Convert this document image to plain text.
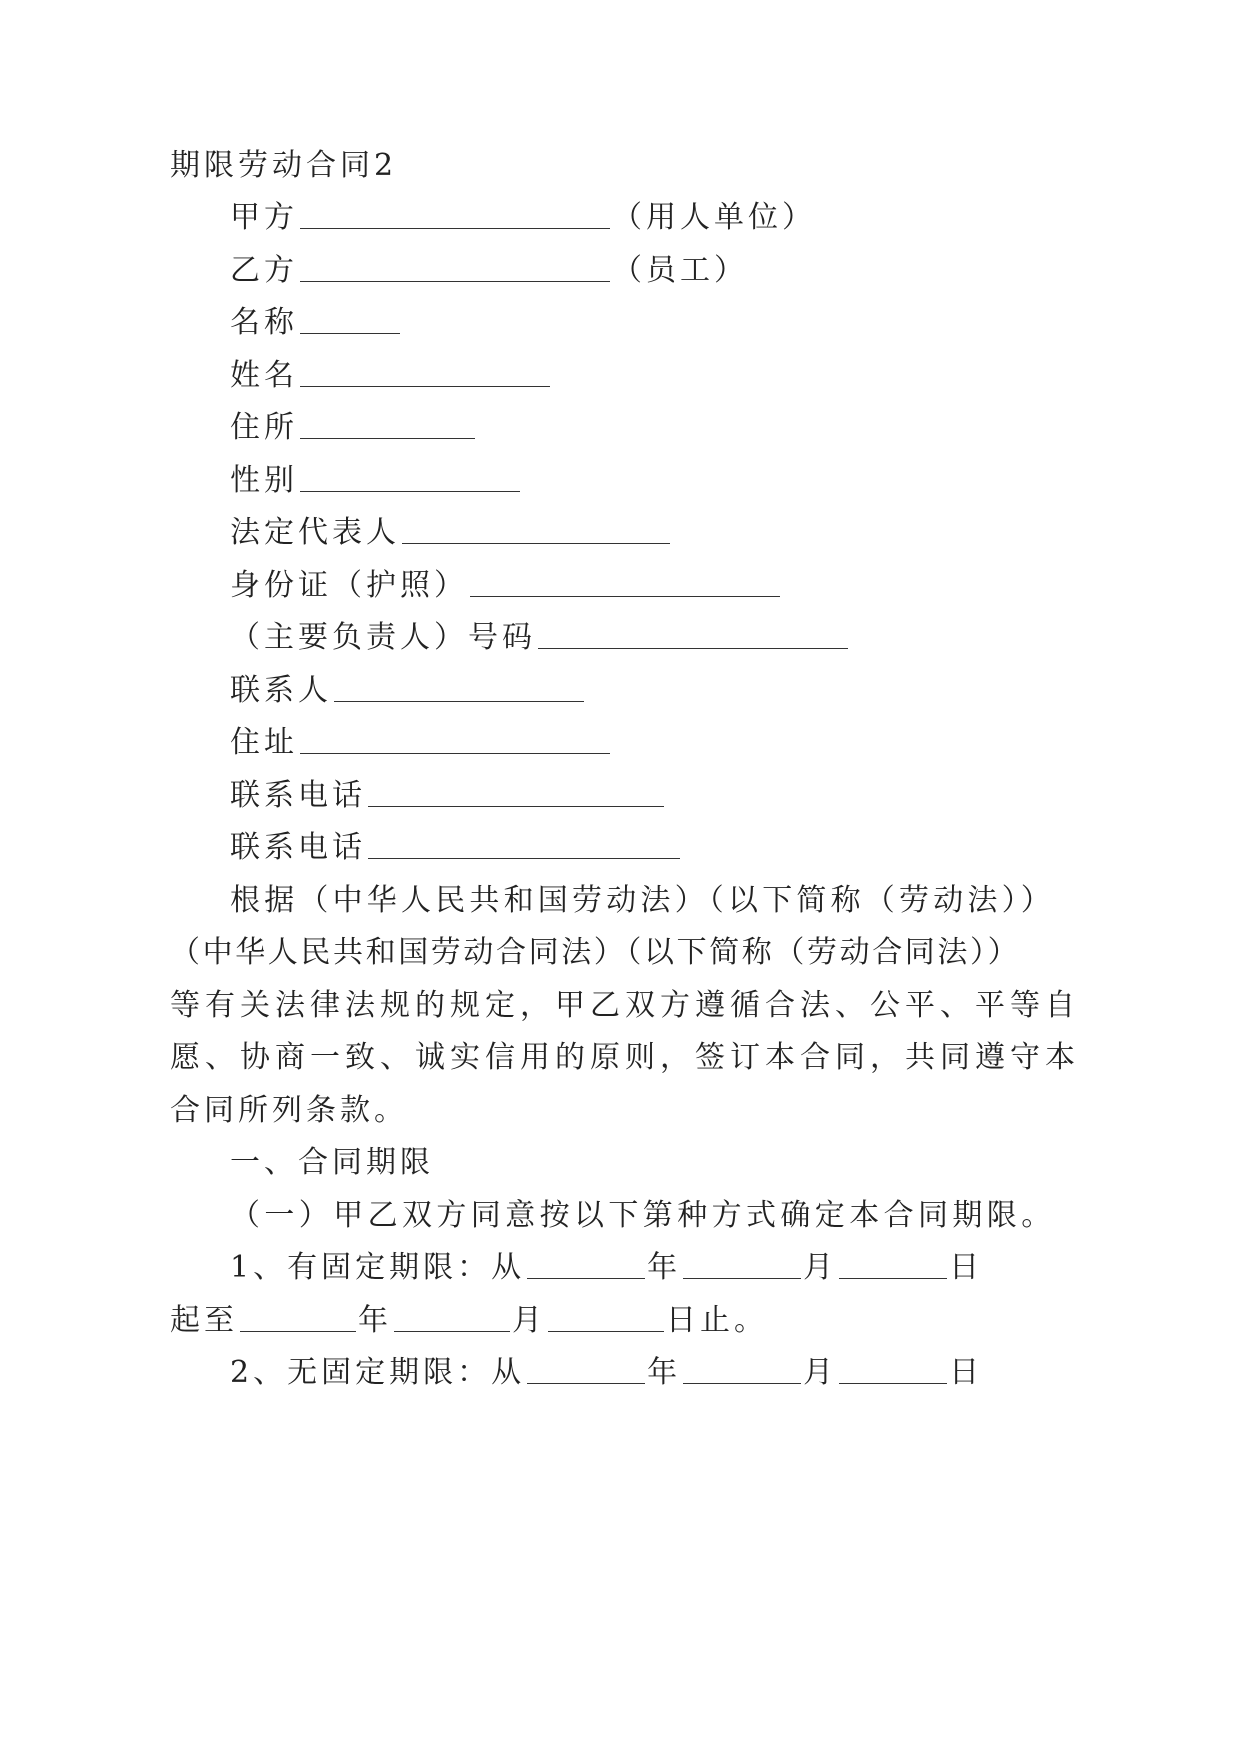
期限劳动合同2
甲方	（用人单位）
乙方	（员工）
名称
姓名
住所
性别
法定代表人
身份证（护照）
（主要负责人）号码
联系人
住址
联系电话
联系电话
根据（中华人民共和国劳动法）（以下简称（劳动法））
（中华人民共和国劳动合同法）（以下简称（劳动合同法））
等有关法律法规的规定，甲乙双方遵循合法、公平、平等自
愿、协商一致、诚实信用的原则，签订本合同，共同遵守本
合同所列条款。
一、合同期限
（一）甲乙双方同意按以下第种方式确定本合同期限。
1、有固定期限：从	年	月	日
起至	年	月	日止。
2、无固定期限：从	年	月	日
